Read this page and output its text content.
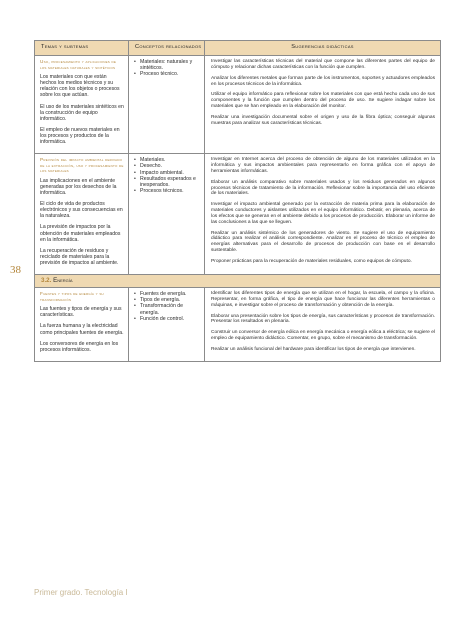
38
Temas y subtemas	Conceptos relacionados	Sugerencias didácticas
Uso, procesamiento y aplicaciones de los materiales naturales y sintéticos

Los materiales con que están hechos los medios técnicos y su relación con los objetos o procesos sobre los que actúan.

El uso de los materiales sintéticos en la construcción de equipo informático.

El empleo de nuevos materiales en los procesos y productos de la informática.

• Materiales: naturales y sintéticos.
• Proceso técnico.

Investigar las características técnicas del material que compone las diferentes partes del equipo de cómputo y relacionar dichas características con la función que cumplen.

Analizar los diferentes metales que forman parte de los instrumentos, soportes y actuadores empleados en los procesos técnicos de la informática.

Utilizar el equipo informático para reflexionar sobre los materiales con que está hecho cada uno de sus componentes y la función que cumplen dentro del proceso de uso. Se sugiere indagar sobre los materiales que se han empleado en la elaboración del monitor.

Realizar una investigación documental sobre el origen y uso de la fibra óptica; conseguir algunas muestras para analizar sus características técnicas.

Previsión del impacto ambiental derivado de la extracción, uso y procesamiento de los materiales

Las implicaciones en el ambiente generadas por los desechos de la informática.

El ciclo de vida de productos electrónicos y sus consecuencias en la naturaleza.

La previsión de impactos por la obtención de materiales empleados en la informática.

La recuperación de residuos y reciclado de materiales para la previsión de impactos al ambiente.

• Materiales.
• Desecho.
• Impacto ambiental.
• Resultados esperados e inesperados.
• Procesos técnicos.

Investigar en Internet acerca del proceso de obtención de alguno de los materiales utilizados en la informática y sus impactos ambientales para representarlo en forma gráfica con el apoyo de herramientas informáticas.

Elaborar un análisis comparativo sobre materiales usados y los residuos generados en algunos procesos técnicos de tratamiento de la información. Reflexionar sobre la importancia del uso eficiente de los materiales.

Investigar el impacto ambiental generado por la extracción de materia prima para la elaboración de materiales conductores y aislantes utilizados en el equipo informático. Debatir, en plenaria, acerca de los efectos que se generan en el ambiente debido a los procesos de producción. Elaborar un informe de las conclusiones a las que se lleguen.

Realizar un análisis sistémico de los generadores de viento. Se sugiere el uso de equipamiento didáctico para realizar el análisis correspondiente. Analizar en el proceso de técnico el empleo de energías alternativas para el desarrollo de procesos de producción con base en el desarrollo sustentable.

Proponer prácticas para la recuperación de materiales residuales, como equipos de cómputo.

3.2. Energía
Fuentes y tipos de energía y su transformación

Las fuentes y tipos de energía y sus características.

La fuerza humana y la electricidad como principales fuentes de energía.

Los conversores de energía en los procesos informáticos.

• Fuentes de energía.
• Tipos de energía.
• Transformación de energía.
• Función de control.

Identificar los diferentes tipos de energía que se utilizan en el hogar, la escuela, el campo y la oficina. Representar, en forma gráfica, el tipo de energía que hace funcionar las diferentes herramientas o máquinas, e investigar sobre el proceso de transformación y obtención de la energía.

Elaborar una presentación sobre los tipos de energía, sus características y procesos de transformación. Presentar los resultados en plenaria.

Construir un conversor de energía eólica en energía mecánica o energía eólica a eléctrica; se sugiere el empleo de equipamiento didáctico. Comentar, en grupo, sobre el mecanismo de transformación.

Realizar un análisis funcional del hardware para identificar los tipos de energía que intervienen.

Primer grado. Tecnología I
